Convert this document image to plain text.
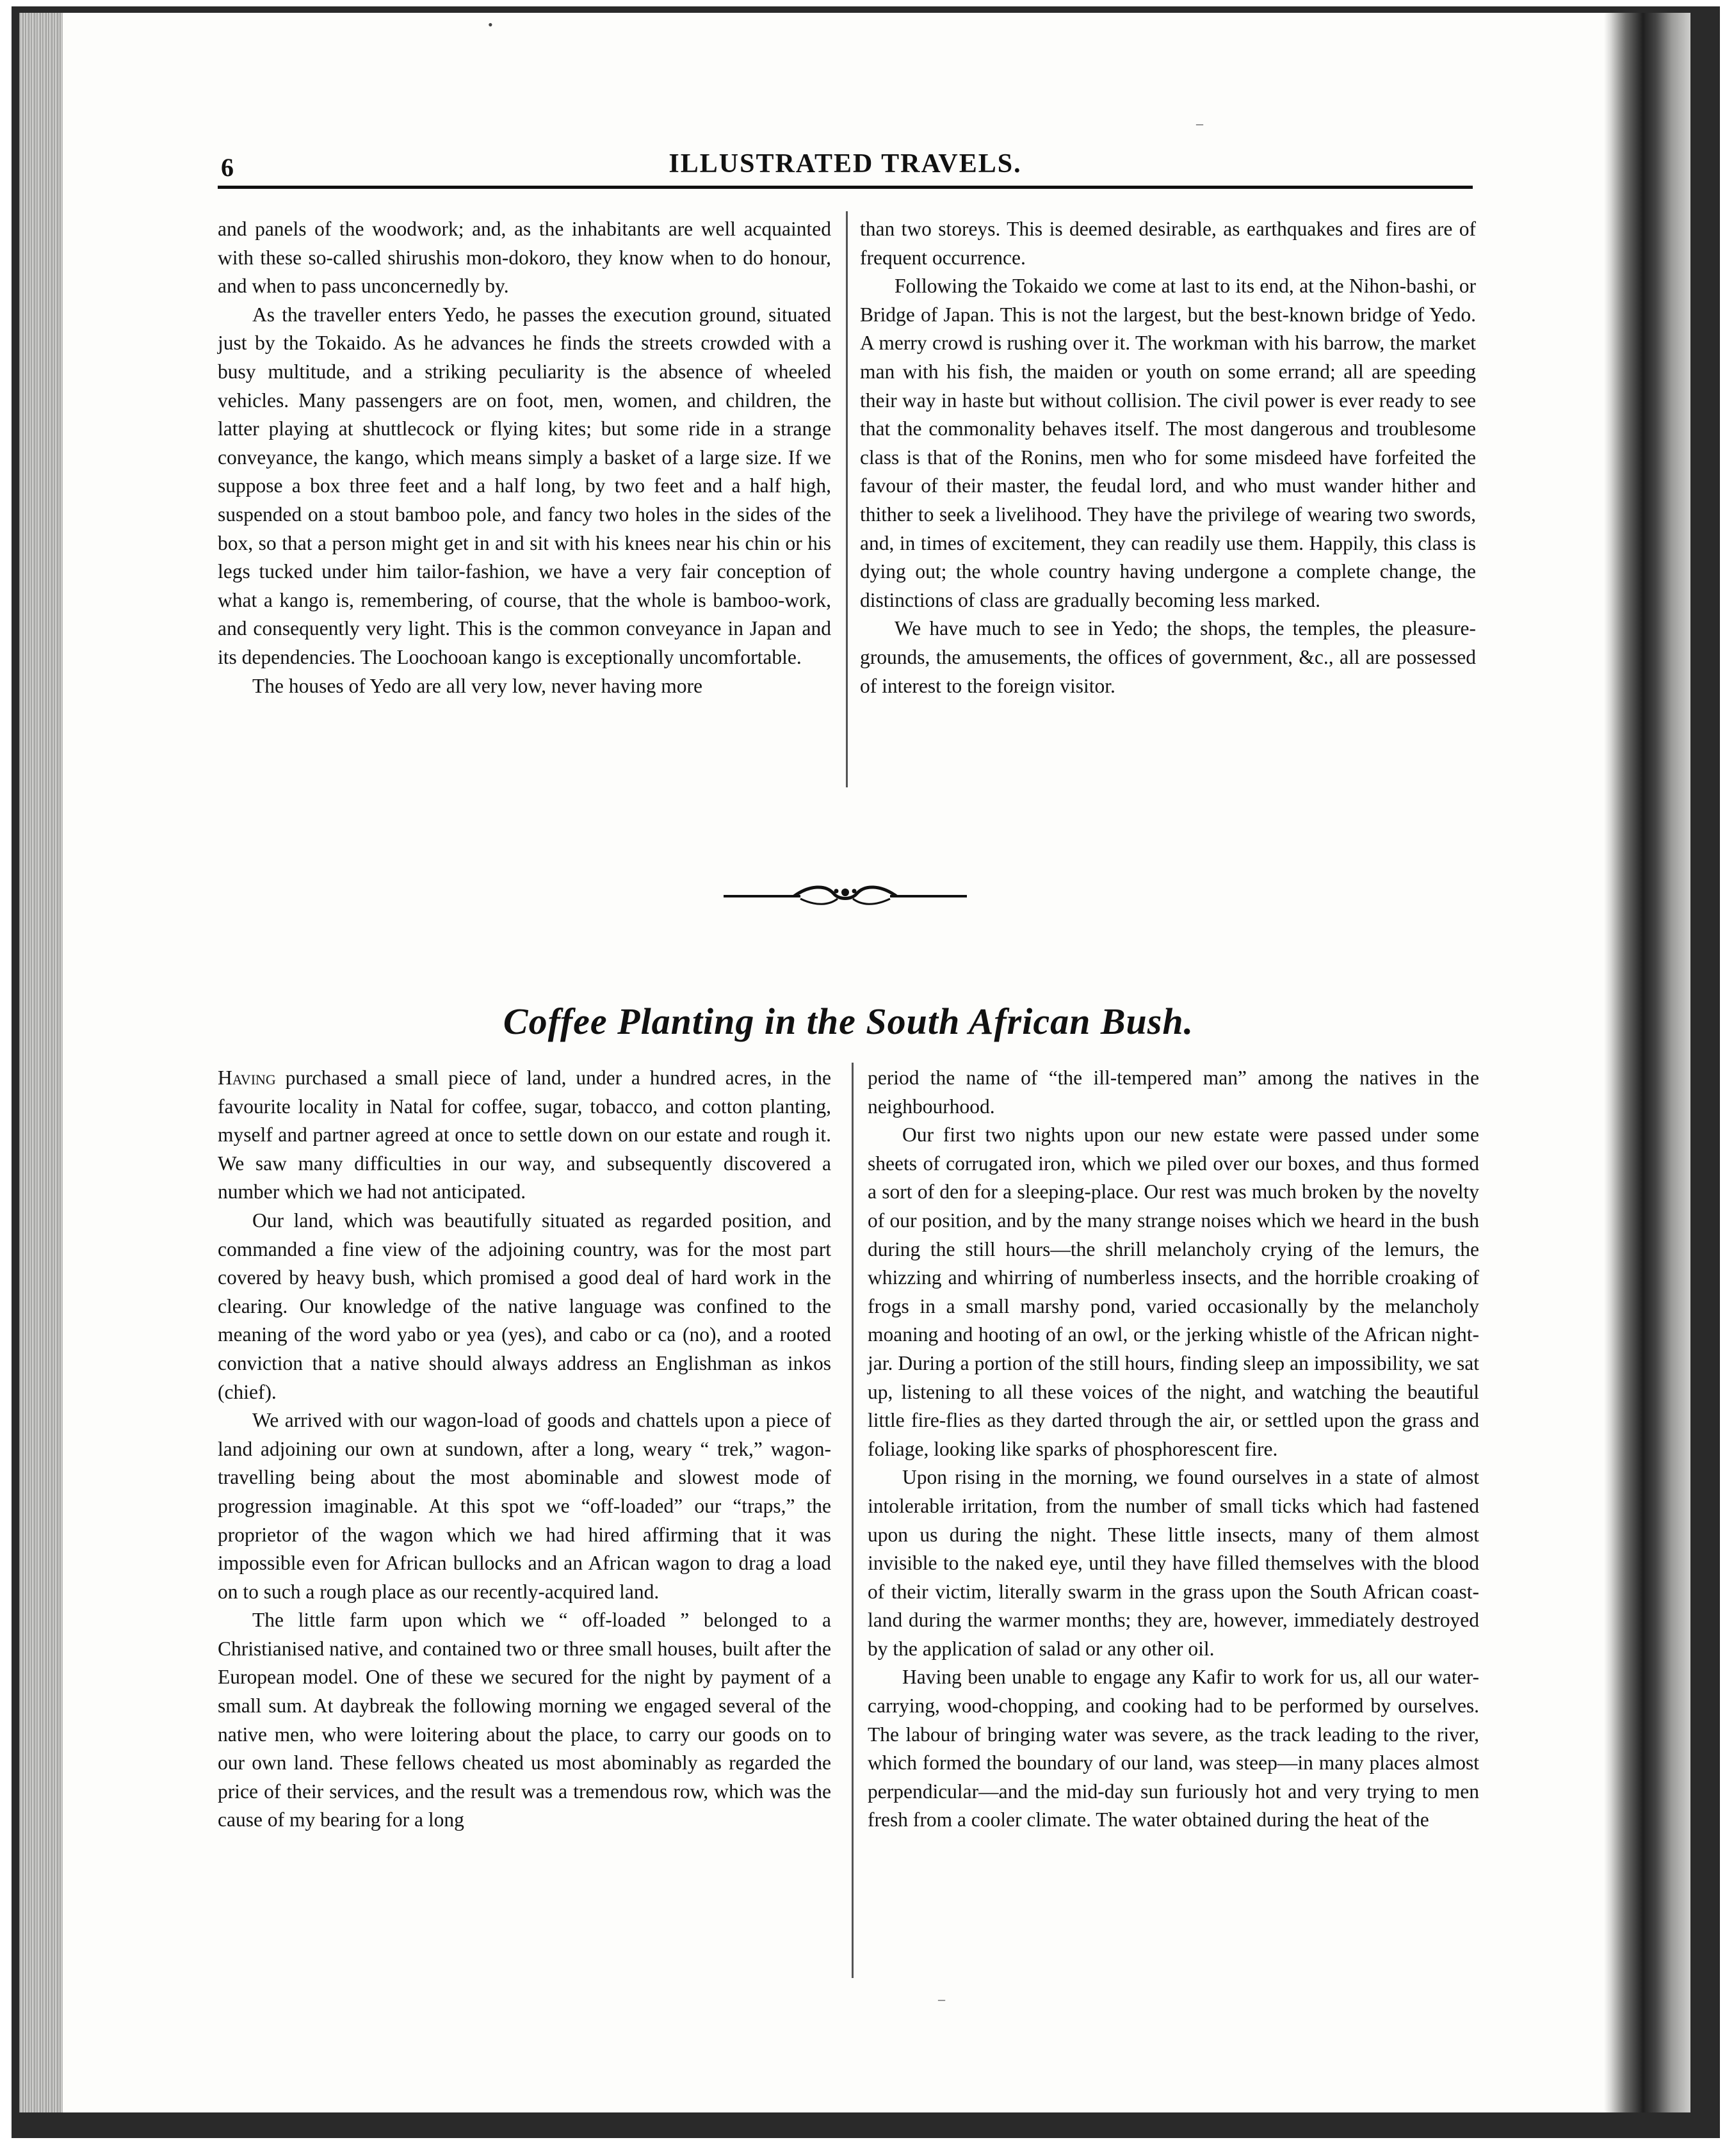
•
–
6	ILLUSTRATED TRAVELS.

and panels of the woodwork; and, as the inhabitants are well acquainted with these so-called shirushis mon-dokoro, they know when to do honour, and when to pass unconcernedly by.

As the traveller enters Yedo, he passes the execution ground, situated just by the Tokaido. As he advances he finds the streets crowded with a busy multitude, and a striking peculiarity is the absence of wheeled vehicles. Many passengers are on foot, men, women, and children, the latter playing at shuttlecock or flying kites; but some ride in a strange conveyance, the kango, which means simply a basket of a large size. If we suppose a box three feet and a half long, by two feet and a half high, suspended on a stout bamboo pole, and fancy two holes in the sides of the box, so that a person might get in and sit with his knees near his chin or his legs tucked under him tailor-fashion, we have a very fair conception of what a kango is, remembering, of course, that the whole is bamboo-work, and consequently very light. This is the common conveyance in Japan and its dependencies. The Loochooan kango is exceptionally uncomfortable.

The houses of Yedo are all very low, never having more

than two storeys. This is deemed desirable, as earthquakes and fires are of frequent occurrence.

Following the Tokaido we come at last to its end, at the Nihon-bashi, or Bridge of Japan. This is not the largest, but the best-known bridge of Yedo. A merry crowd is rushing over it. The workman with his barrow, the market man with his fish, the maiden or youth on some errand; all are speeding their way in haste but without collision. The civil power is ever ready to see that the commonality behaves itself. The most dangerous and troublesome class is that of the Ronins, men who for some misdeed have forfeited the favour of their master, the feudal lord, and who must wander hither and thither to seek a livelihood. They have the privilege of wearing two swords, and, in times of excitement, they can readily use them. Happily, this class is dying out; the whole country having undergone a complete change, the distinctions of class are gradually becoming less marked.

We have much to see in Yedo; the shops, the temples, the pleasure-grounds, the amusements, the offices of government, &c., all are possessed of interest to the foreign visitor.

Coffee Planting in the South African Bush.

Having purchased a small piece of land, under a hundred acres, in the favourite locality in Natal for coffee, sugar, tobacco, and cotton planting, myself and partner agreed at once to settle down on our estate and rough it. We saw many difficulties in our way, and subsequently discovered a number which we had not anticipated.

Our land, which was beautifully situated as regarded position, and commanded a fine view of the adjoining country, was for the most part covered by heavy bush, which promised a good deal of hard work in the clearing. Our knowledge of the native language was confined to the meaning of the word yabo or yea (yes), and cabo or ca (no), and a rooted conviction that a native should always address an Englishman as inkos (chief).

We arrived with our wagon-load of goods and chattels upon a piece of land adjoining our own at sundown, after a long, weary “ trek,” wagon-travelling being about the most abominable and slowest mode of progression imaginable. At this spot we “off-loaded” our “traps,” the proprietor of the wagon which we had hired affirming that it was impossible even for African bullocks and an African wagon to drag a load on to such a rough place as our recently-acquired land.

The little farm upon which we “ off-loaded ” belonged to a Christianised native, and contained two or three small houses, built after the European model. One of these we secured for the night by payment of a small sum. At daybreak the following morning we engaged several of the native men, who were loitering about the place, to carry our goods on to our own land. These fellows cheated us most abominably as regarded the price of their services, and the result was a tremendous row, which was the cause of my bearing for a long

period the name of “the ill-tempered man” among the natives in the neighbourhood.

Our first two nights upon our new estate were passed under some sheets of corrugated iron, which we piled over our boxes, and thus formed a sort of den for a sleeping-place. Our rest was much broken by the novelty of our position, and by the many strange noises which we heard in the bush during the still hours—the shrill melancholy crying of the lemurs, the whizzing and whirring of numberless insects, and the horrible croaking of frogs in a small marshy pond, varied occasionally by the melancholy moaning and hooting of an owl, or the jerking whistle of the African night-jar. During a portion of the still hours, finding sleep an impossibility, we sat up, listening to all these voices of the night, and watching the beautiful little fire-flies as they darted through the air, or settled upon the grass and foliage, looking like sparks of phosphorescent fire.

Upon rising in the morning, we found ourselves in a state of almost intolerable irritation, from the number of small ticks which had fastened upon us during the night. These little insects, many of them almost invisible to the naked eye, until they have filled themselves with the blood of their victim, literally swarm in the grass upon the South African coast-land during the warmer months; they are, however, immediately destroyed by the application of salad or any other oil.

Having been unable to engage any Kafir to work for us, all our water-carrying, wood-chopping, and cooking had to be performed by ourselves. The labour of bringing water was severe, as the track leading to the river, which formed the boundary of our land, was steep—in many places almost perpendicular—and the mid-day sun furiously hot and very trying to men fresh from a cooler climate. The water obtained during the heat of the

–
